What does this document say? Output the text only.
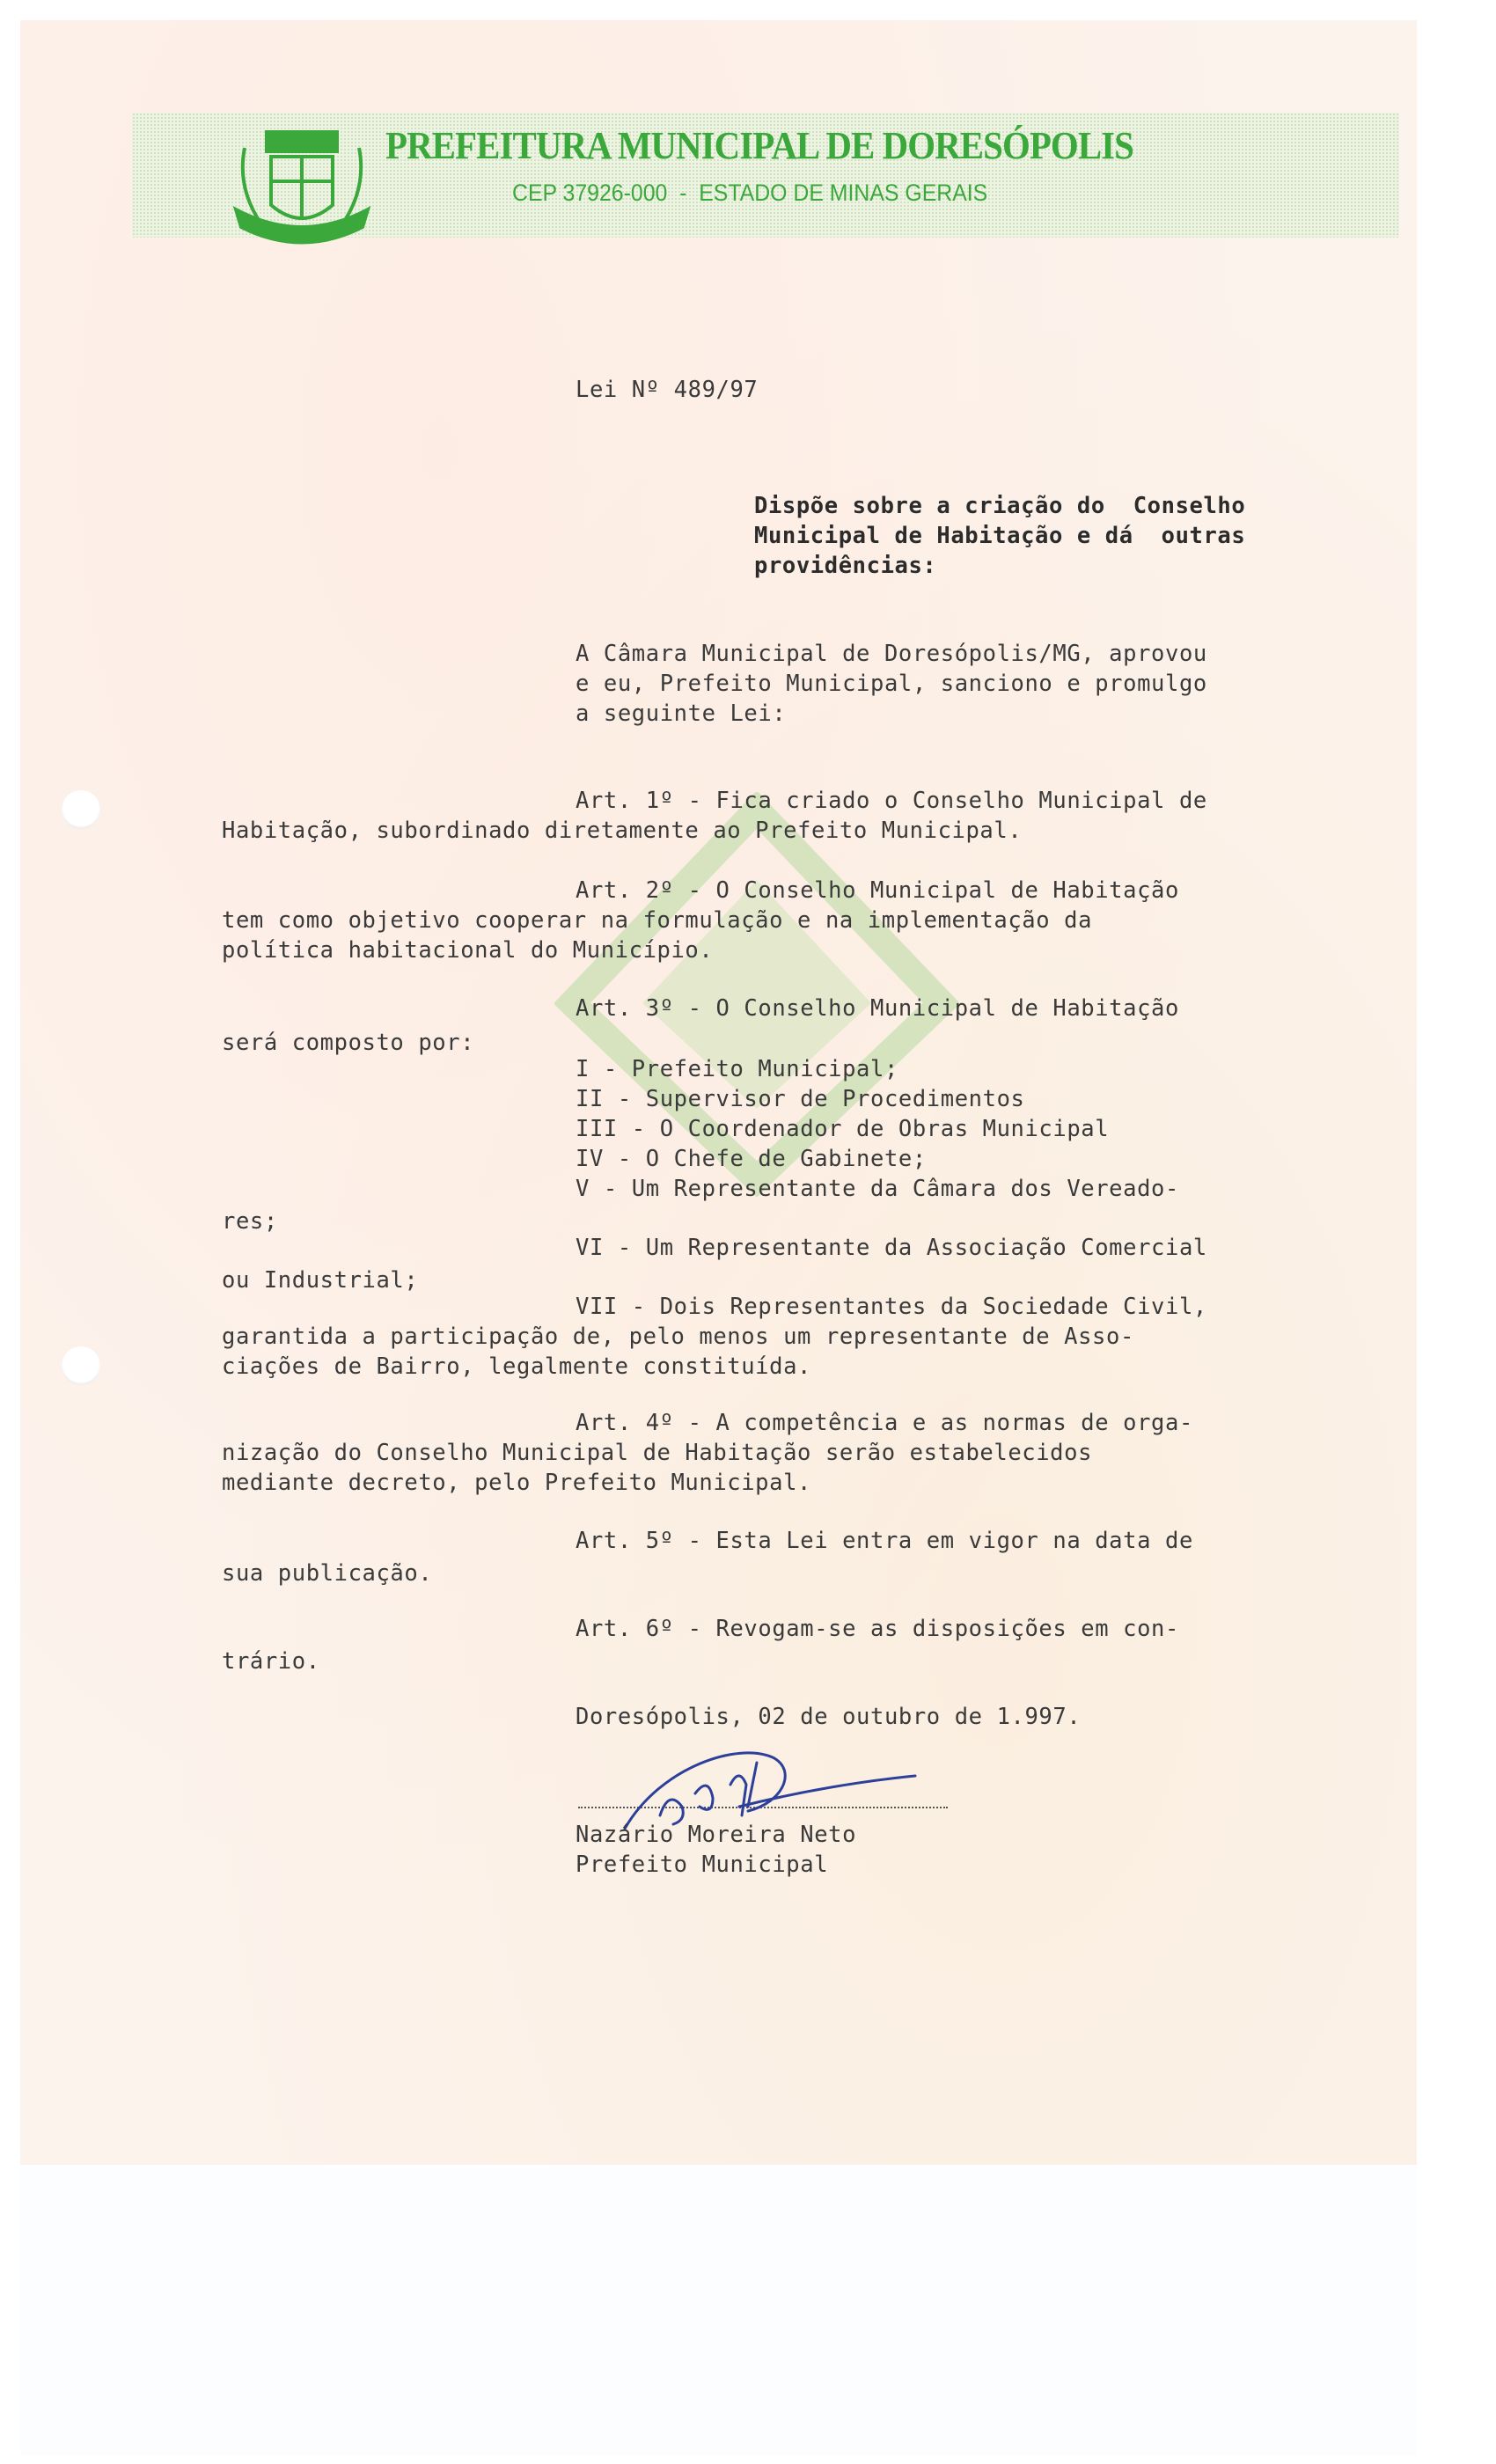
PREFEITURA MUNICIPAL DE DORESÓPOLIS
CEP 37926-000  -  ESTADO DE MINAS GERAIS
Lei Nº 489/97
Dispõe sobre a criação do  Conselho
Municipal de Habitação e dá  outras
providências:
A Câmara Municipal de Doresópolis/MG, aprovou
e eu, Prefeito Municipal, sanciono e promulgo
a seguinte Lei:
Art. 1º - Fica criado o Conselho Municipal de
Habitação, subordinado diretamente ao Prefeito Municipal.
Art. 2º - O Conselho Municipal de Habitação
tem como objetivo cooperar na formulação e na implementação da
política habitacional do Município.
Art. 3º - O Conselho Municipal de Habitação
será composto por:
I - Prefeito Municipal;
II - Supervisor de Procedimentos
III - O Coordenador de Obras Municipal
IV - O Chefe de Gabinete;
V - Um Representante da Câmara dos Vereado-
res;
VI - Um Representante da Associação Comercial
ou Industrial;
VII - Dois Representantes da Sociedade Civil,
garantida a participação de, pelo menos um representante de Asso-
ciações de Bairro, legalmente constituída.
Art. 4º - A competência e as normas de orga-
nização do Conselho Municipal de Habitação serão estabelecidos
mediante decreto, pelo Prefeito Municipal.
Art. 5º - Esta Lei entra em vigor na data de
sua publicação.
Art. 6º - Revogam-se as disposições em con-
trário.
Doresópolis, 02 de outubro de 1.997.
Nazário Moreira Neto
Prefeito Municipal
